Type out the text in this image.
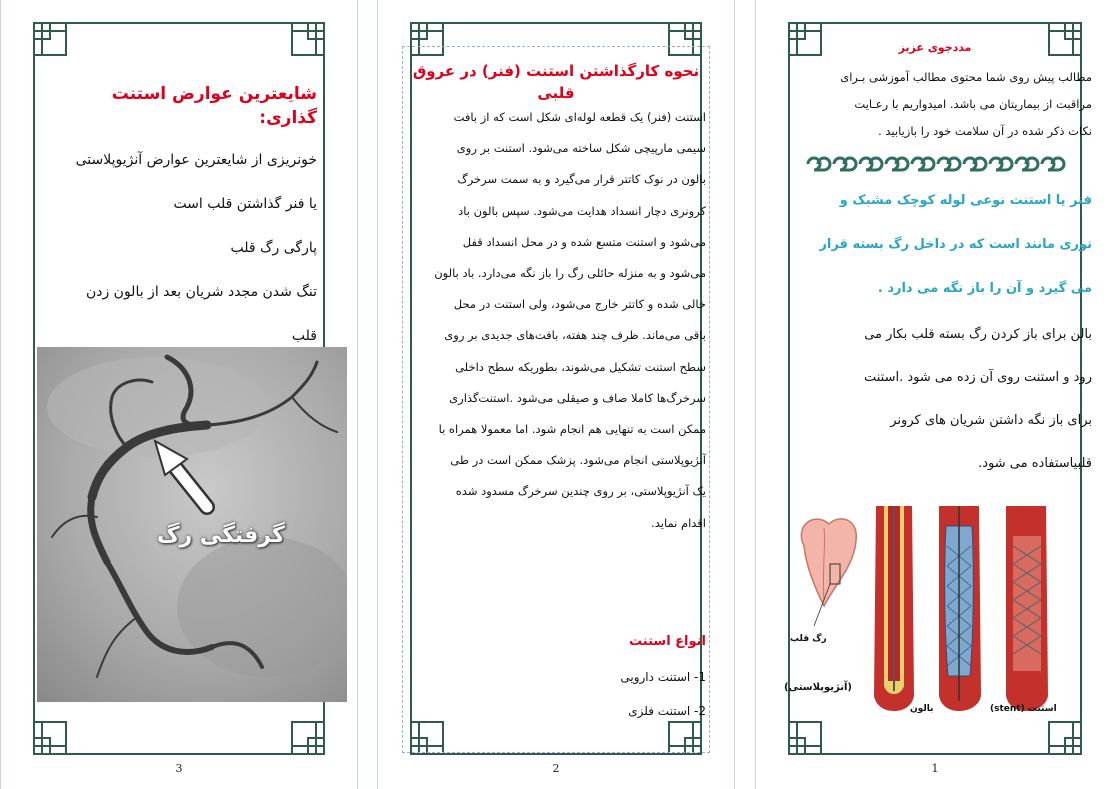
شایعترین عوارض استنت گذاری:
خونریزی از شایعترین عوارض آنژیوپلاستی
یا فنر گذاشتن قلب است
پارگی رگ قلب
تنگ شدن مجدد شریان بعد از بالون زدن
قلب
گرفتگی رگ
3
نحوه کارگذاشتن استنت (فنر) در عروق قلبی
استنت (فنر) یک قطعه لوله‌ای شکل است که از بافت
سیمی مارپیچی شکل ساخته می‌شود. استنت بر روی
بالون در نوک کاتتر قرار می‌گیرد و به سمت سرخرگ
کرونری دچار انسداد هدایت می‌شود. سپس بالون باد
می‌شود و استنت متسع شده و در محل انسداد قفل
می‌شود و به منزله حائلی رگ را باز نگه می‌دارد. باد بالون
خالی شده و کاتتر خارج می‌شود، ولی استنت در محل
باقی می‌ماند. ظرف چند هفته، بافت‌های جدیدی بر روی
سطح استنت تشکیل می‌شوند، بطوریکه سطح داخلی
سرخرگ‌ها کاملا صاف و صیقلی می‌شود .استنت‌گذاری
ممکن است به تنهایی هم انجام شود. اما معمولا همراه با
آنژیوپلاستی انجام می‌شود. پزشک ممکن است در طی
یک آنژیوپلاستی، بر روی چندین سرخرگ مسدود شده
اقدام نماید.
انواع استنت
1- استنت دارویی
2- استنت فلزی
2
مددجوی عزیز
مطالب پیش روی شما محتوی مطالب آموزشی بـرای
مراقبت از بیماریتان می باشد. امیدواریم با رعـایت
نکات ذکر شده در آن سلامت خود را بازیابید .
فنر یا استنت نوعی لوله کوچک مشبک و
توری مانند است که در داخل رگ بسته قرار
می گیرد و آن را باز نگه می دارد .
بالن برای باز کردن رگ بسته قلب بکار می
رود و استنت روی آن زده می شود .استنت
برای باز نگه داشتن شریان های کرونر
قلبیاستفاده می شود.
رگ قلب
(آنژیوپلاستی)
بالون	استنت (stent)
1
